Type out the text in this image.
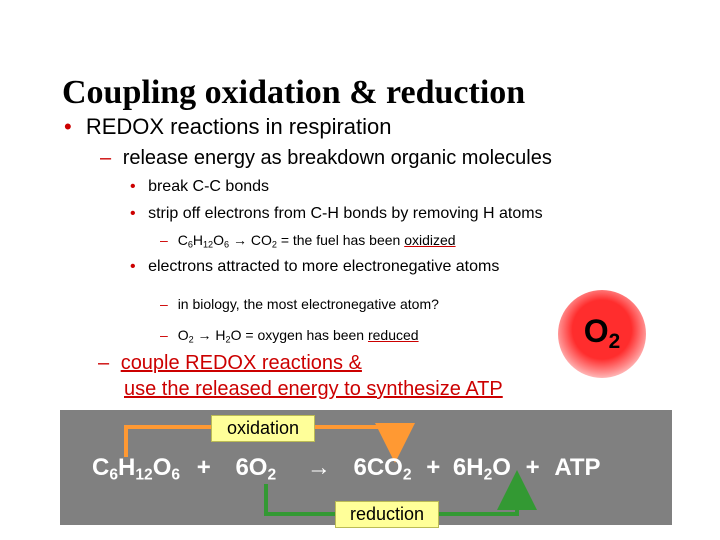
Coupling oxidation & reduction
• REDOX reactions in respiration
– release energy as breakdown organic molecules
• break C-C bonds
• strip off electrons from C-H bonds by removing H atoms
– $C_6H_{12}O_6 \to CO_2$ = the fuel has been oxidized
• electrons attracted to more electronegative atoms
– in biology, the most electronegative atom?
– $O_2 \to H_2O$ = oxygen has been reduced	$O_2$
– couple REDOX reactions &
use the released energy to synthesize ATP
oxidation
reduction
$C_6H_{12}O_6 + 6O_2 \to 6CO_2 + 6H_2O$ + ATP
